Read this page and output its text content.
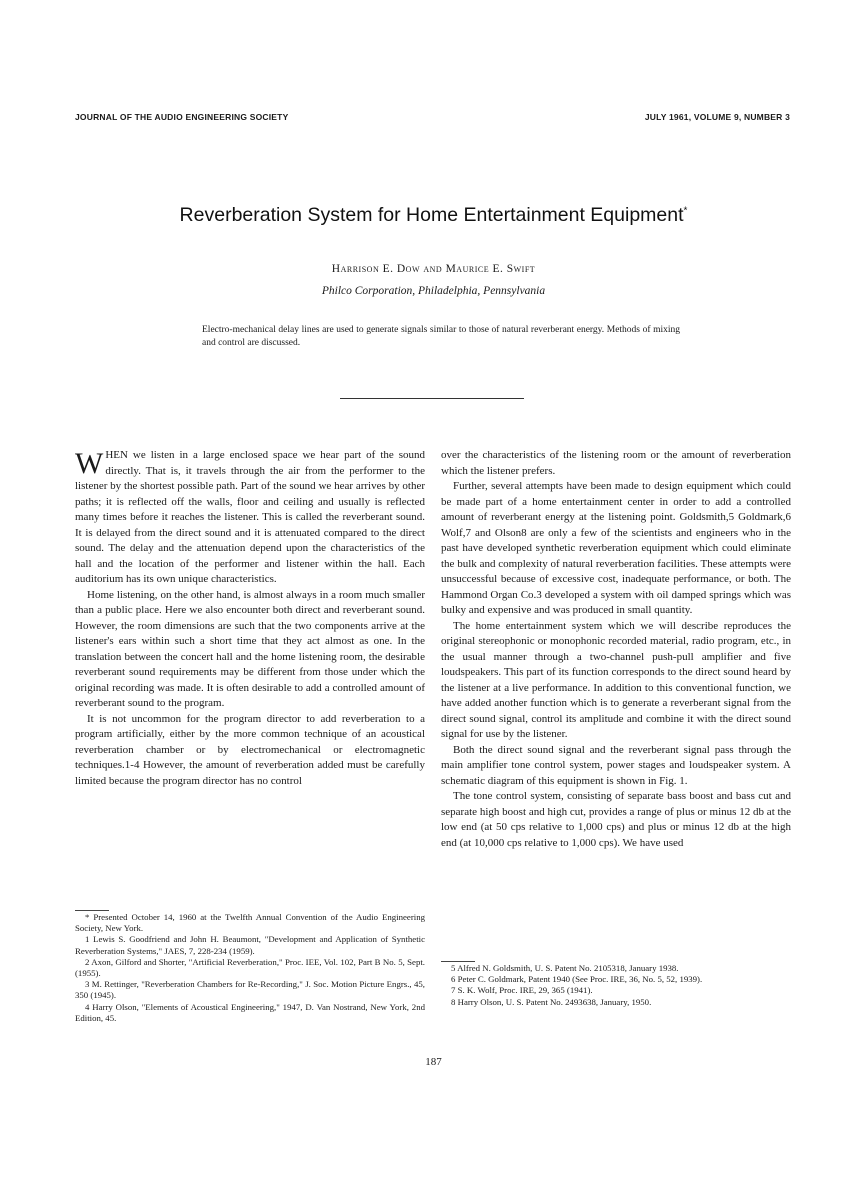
JOURNAL OF THE AUDIO ENGINEERING SOCIETY	JULY 1961, VOLUME 9, NUMBER 3
Reverberation System for Home Entertainment Equipment*
Harrison E. Dow and Maurice E. Swift
Philco Corporation, Philadelphia, Pennsylvania
Electro-mechanical delay lines are used to generate signals similar to those of natural reverberant energy. Methods of mixing and control are discussed.

WHEN we listen in a large enclosed space we hear part of the sound directly. That is, it travels through the air from the performer to the listener by the shortest possible path. Part of the sound we hear arrives by other paths; it is reflected off the walls, floor and ceiling and usually is reflected many times before it reaches the listener. This is called the reverberant sound. It is delayed from the direct sound and it is attenuated compared to the direct sound. The delay and the attenuation depend upon the characteristics of the hall and the location of the performer and listener within the hall. Each auditorium has its own unique characteristics.

Home listening, on the other hand, is almost always in a room much smaller than a public place. Here we also encounter both direct and reverberant sound. However, the room dimensions are such that the two components arrive at the listener's ears within such a short time that they act almost as one. In the translation between the concert hall and the home listening room, the desirable reverberant sound requirements may be different from those under which the original recording was made. It is often desirable to add a controlled amount of reverberant sound to the program.

It is not uncommon for the program director to add reverberation to a program artificially, either by the more common technique of an acoustical reverberation chamber or by electromechanical or electromagnetic techniques.1-4 However, the amount of reverberation added must be carefully limited because the program director has no control

over the characteristics of the listening room or the amount of reverberation which the listener prefers.

Further, several attempts have been made to design equipment which could be made part of a home entertainment center in order to add a controlled amount of reverberant energy at the listening point. Goldsmith,5 Goldmark,6 Wolf,7 and Olson8 are only a few of the scientists and engineers who in the past have developed synthetic reverberation equipment which could eliminate the bulk and complexity of natural reverberation facilities. These attempts were unsuccessful because of excessive cost, inadequate performance, or both. The Hammond Organ Co.3 developed a system with oil damped springs which was bulky and expensive and was produced in small quantity.

The home entertainment system which we will describe reproduces the original stereophonic or monophonic recorded material, radio program, etc., in the usual manner through a two-channel push-pull amplifier and five loudspeakers. This part of its function corresponds to the direct sound heard by the listener at a live performance. In addition to this conventional function, we have added another function which is to generate a reverberant signal from the direct sound signal, control its amplitude and combine it with the direct sound signal for use by the listener.

Both the direct sound signal and the reverberant signal pass through the main amplifier tone control system, power stages and loudspeaker system. A schematic diagram of this equipment is shown in Fig. 1.

The tone control system, consisting of separate bass boost and bass cut and separate high boost and high cut, provides a range of plus or minus 12 db at the low end (at 50 cps relative to 1,000 cps) and plus or minus 12 db at the high end (at 10,000 cps relative to 1,000 cps). We have used

* Presented October 14, 1960 at the Twelfth Annual Convention of the Audio Engineering Society, New York.

1 Lewis S. Goodfriend and John H. Beaumont, "Development and Application of Synthetic Reverberation Systems," JAES, 7, 228-234 (1959).

2 Axon, Gilford and Shorter, "Artificial Reverberation," Proc. IEE, Vol. 102, Part B No. 5, Sept. (1955).

3 M. Rettinger, "Reverberation Chambers for Re-Recording," J. Soc. Motion Picture Engrs., 45, 350 (1945).

4 Harry Olson, "Elements of Acoustical Engineering," 1947, D. Van Nostrand, New York, 2nd Edition, 45.

5 Alfred N. Goldsmith, U. S. Patent No. 2105318, January 1938.

6 Peter C. Goldmark, Patent 1940 (See Proc. IRE, 36, No. 5, 52, 1939).

7 S. K. Wolf, Proc. IRE, 29, 365 (1941).

8 Harry Olson, U. S. Patent No. 2493638, January, 1950.

187
